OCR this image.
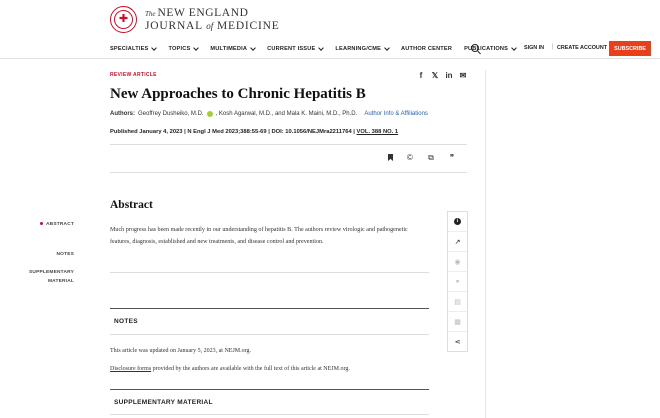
✚
The NEW ENGLAND
JOURNAL of MEDICINE
SPECIALTIES	TOPICS	MULTIMEDIA	CURRENT ISSUE	LEARNING/CME	AUTHOR CENTER PUBLICATIONS	SIGN IN | CREATE ACCOUNT	SUBSCRIBE
REVIEW ARTICLE	f	𝕏 in ✉
New Approaches to Chronic Hepatitis B
Authors: Geoffrey Dusheiko, M.D. , Kosh Agarwal, M.D., and Mala K. Maini, M.D., Ph.D. Author Info & Affiliations
Published January 4, 2023 | N Engl J Med 2023;388:55-69 | DOI: 10.1056/NEJMra2211764 | VOL. 388 NO. 1
© ⧉ ❞
ABSTRACT
NOTES
SUPPLEMENTARY
MATERIAL
Abstract

Much progress has been made recently in our understanding of hepatitis B. The authors review virologic and pathogenetic features, diagnosis, established and new treatments, and disease control and prevention.

i
↗
◉
⚭
▤
▦
⋖
NOTES

This article was updated on January 5, 2023, at NEJM.org.

Disclosure forms provided by the authors are available with the full text of this article at NEJM.org.

SUPPLEMENTARY MATERIAL
